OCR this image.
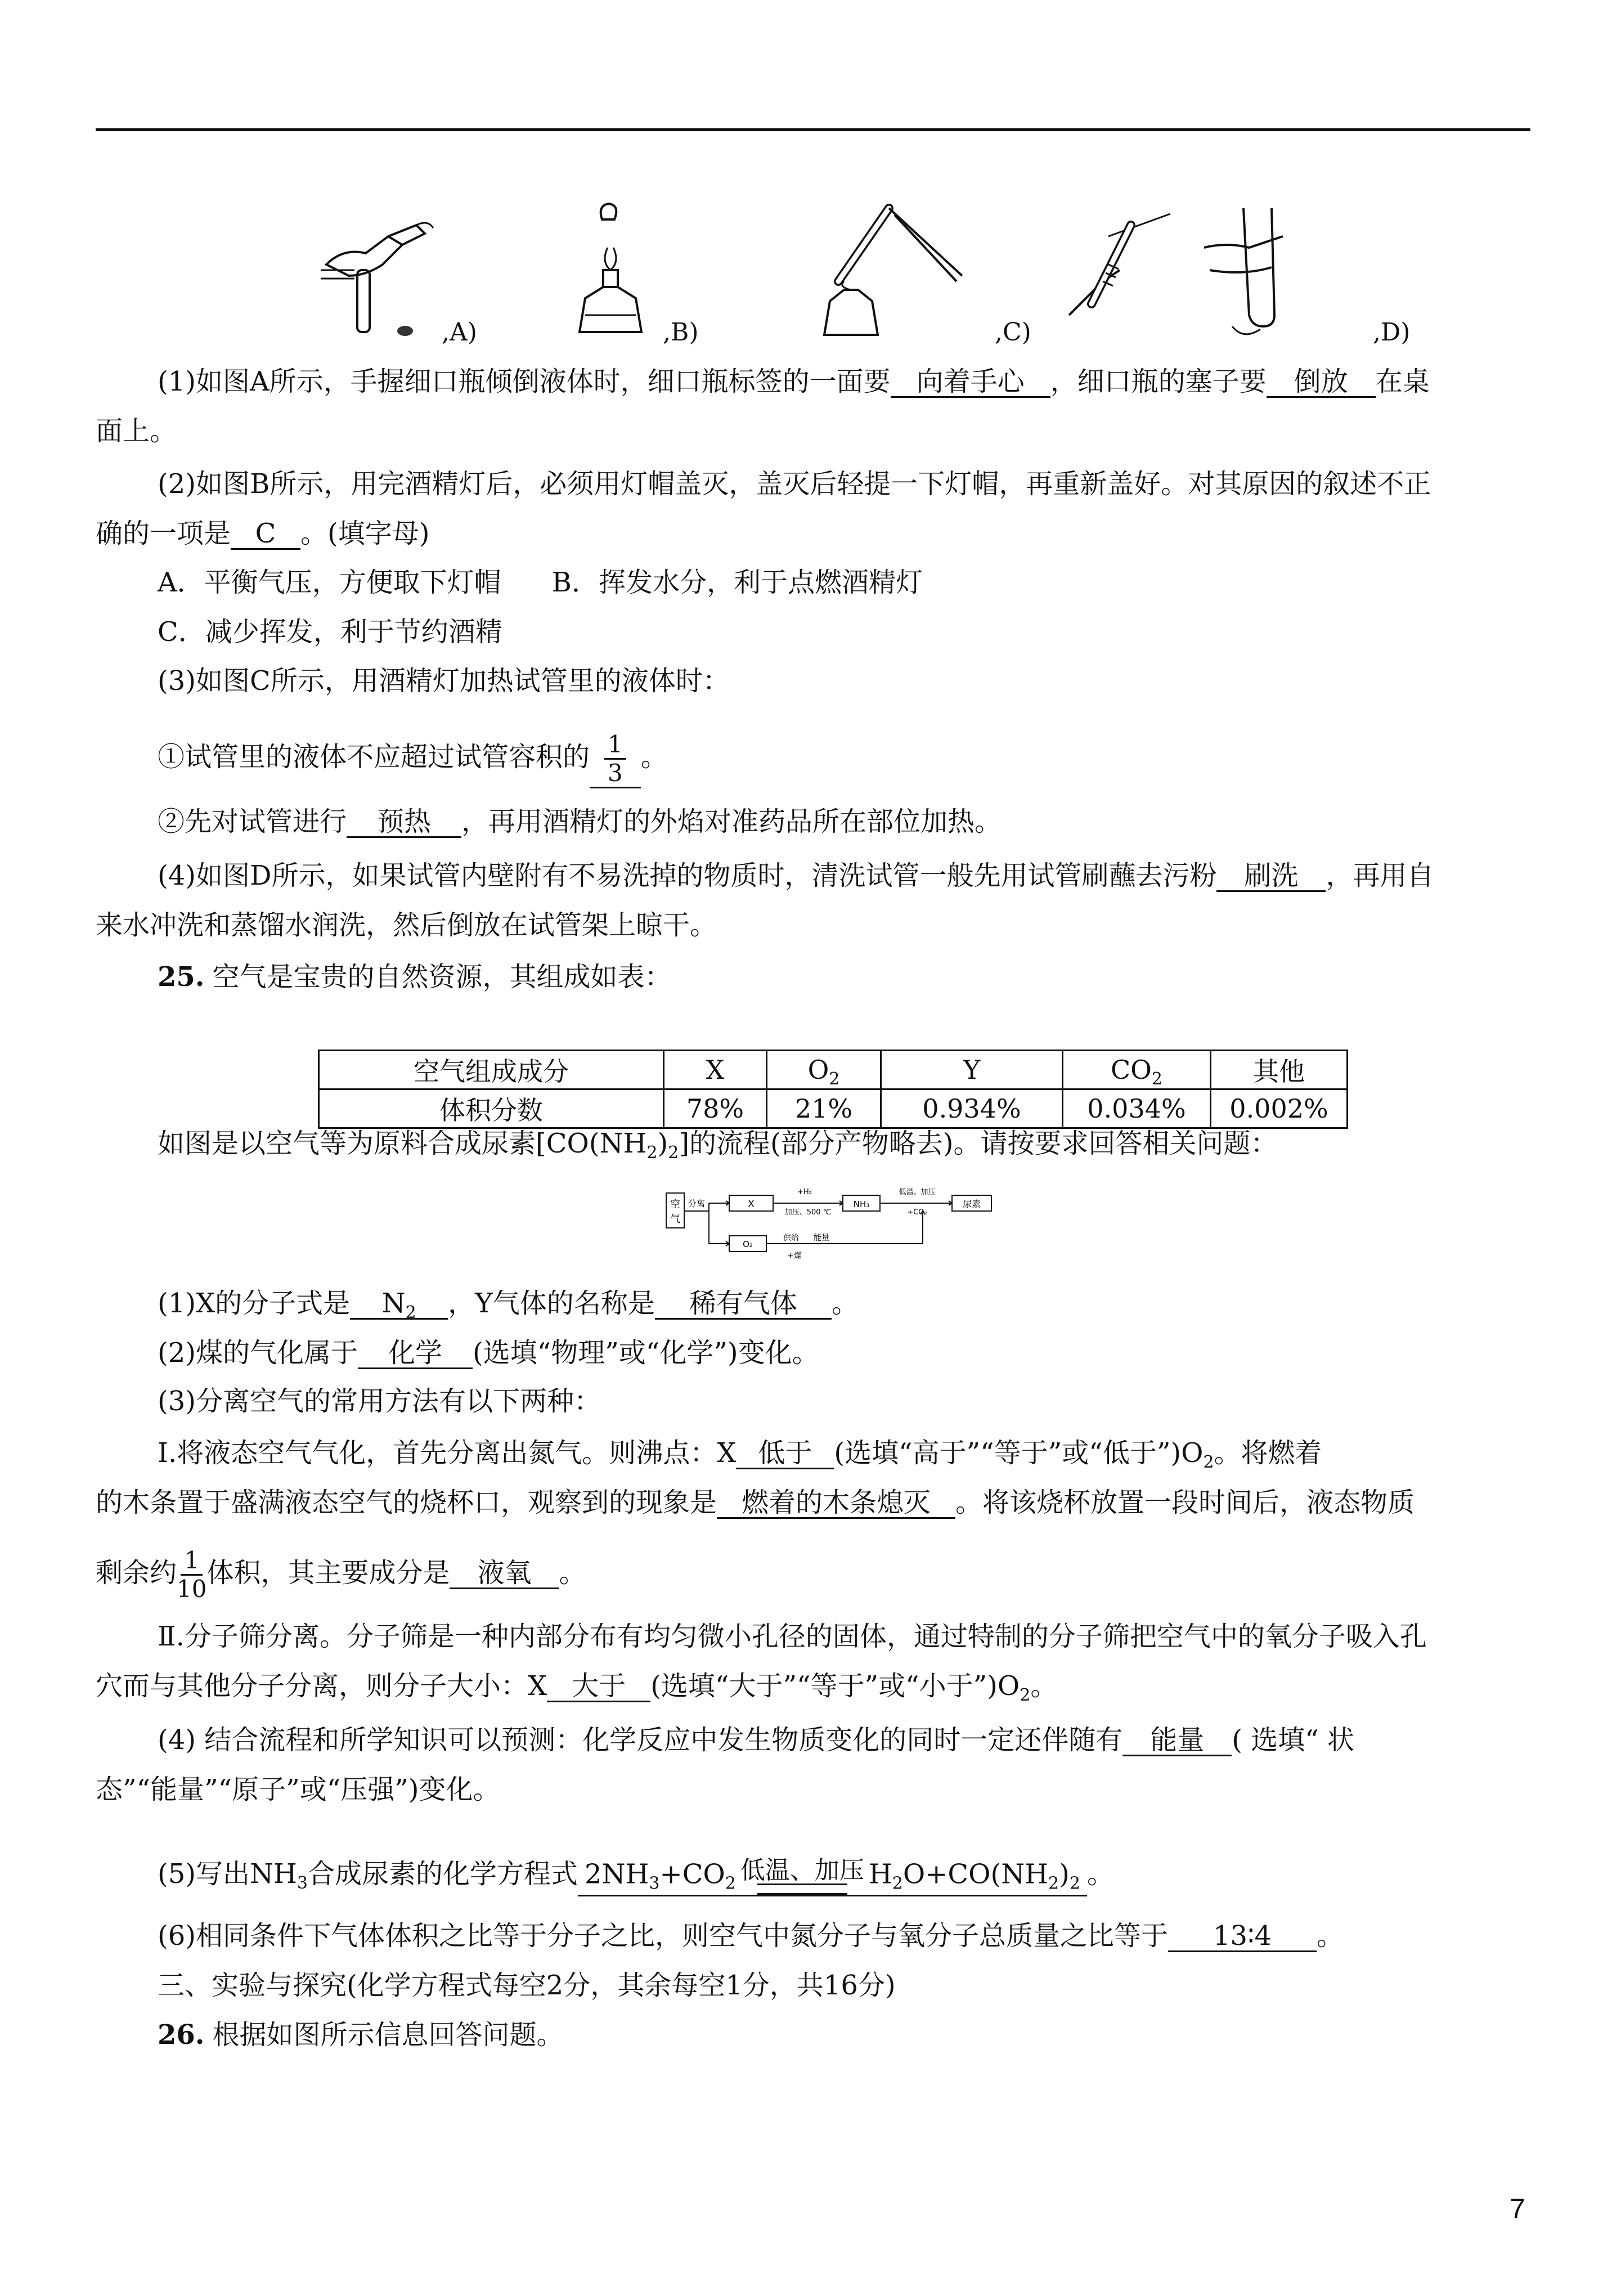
,A)	,B)	,C)	,D)
(1)如图A所示，手握细口瓶倾倒液体时，细口瓶标签的一面要 向着手心 ，细口瓶的塞子要 倒放 在桌
面上。
(2)如图B所示，用完酒精灯后，必须用灯帽盖灭，盖灭后轻提一下灯帽，再重新盖好。对其原因的叙述不正
确的一项是 C 。(填字母)
A．平衡气压，方便取下灯帽 B．挥发水分，利于点燃酒精灯
C．减少挥发，利于节约酒精
(3)如图C所示，用酒精灯加热试管里的液体时：
①试管里的液体不应超过试管容积的 $\frac{1}{3}$ 。
②先对试管进行 预热 ，再用酒精灯的外焰对准药品所在部位加热。
(4)如图D所示，如果试管内壁附有不易洗掉的物质时，清洗试管一般先用试管刷蘸去污粉 刷洗 ，再用自
来水冲洗和蒸馏水润洗，然后倒放在试管架上晾干。
25. 空气是宝贵的自然资源，其组成如表：
空气组成成分	X	$O_2$	Y	$CO_2$	其他
体积分数	78%	21%	0.934%	0.034%	0.002%
如图是以空气等为原料合成尿素$[CO(NH_2)_2]$的流程(部分产物略去)。请按要求回答相关问题：
空
气
分离	X
+H₂
加压、500 ℃
NH₃
低温、加压
+CO₂
尿素
O₂
供给 能量
+煤
(1)X的分子式是 $N_2$ ，Y气体的名称是 稀有气体 。
(2)煤的气化属于 化学 (选填“物理”或“化学”)变化。
(3)分离空气的常用方法有以下两种：
Ⅰ.将液态空气气化，首先分离出氮气。则沸点：X 低于 (选填“高于”“等于”或“低于$”)O_2$。将燃着
的木条置于盛满液态空气的烧杯口，观察到的现象是 燃着的木条熄灭 。将该烧杯放置一段时间后，液态物质
剩余约 $\frac{1}{10}$ 体积，其主要成分是 液氧 。
Ⅱ.分子筛分离。分子筛是一种内部分布有均匀微小孔径的固体，通过特制的分子筛把空气中的氧分子吸入孔
穴而与其他分子分离，则分子大小：X 大于 (选填“大于”“等于”或“小于$”)O_2$。
(4) 结合流程和所学知识可以预测：化学反应中发生物质变化的同时一定还伴随有 能量 ( 选填“ 状
态”“能量”“原子”或“压强”)变化。
(5)写出$NH_3$合成尿素的化学方程式 $2NH_3+CO_2$ 低温、加压 $H_2O+CO(NH_2)_2$ 。
(6)相同条件下气体体积之比等于分子之比，则空气中氮分子与氧分子总质量之比等于 13∶4 。
三、实验与探究(化学方程式每空2分，其余每空1分，共16分)
26. 根据如图所示信息回答问题。
7
